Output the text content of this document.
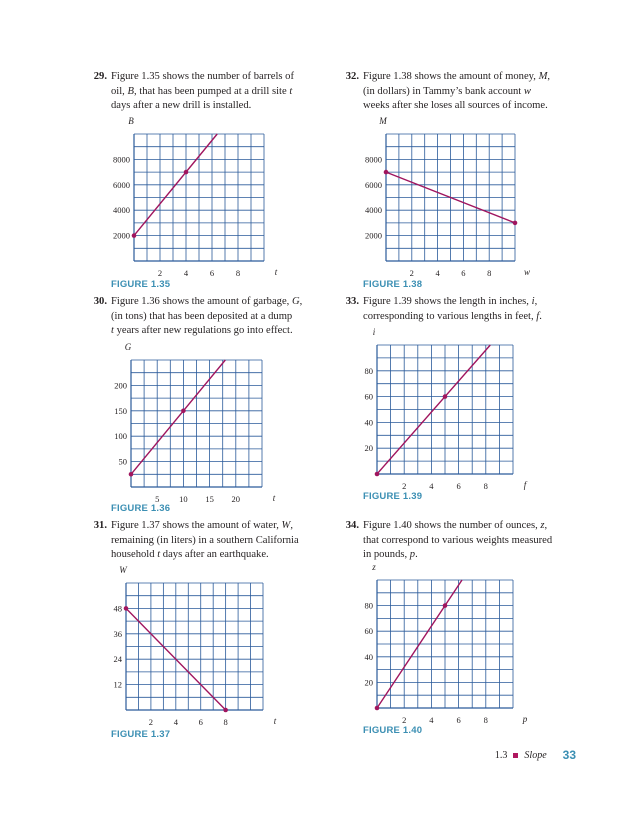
29. Figure 1.35 shows the number of barrels of
oil, B, that has been pumped at a drill site t
days after a new drill is installed.
30. Figure 1.36 shows the amount of garbage, G,
(in tons) that has been deposited at a dump
t years after new regulations go into effect.
31. Figure 1.37 shows the amount of water, W,
remaining (in liters) in a southern California
household t days after an earthquake.
32. Figure 1.38 shows the amount of money, M,
(in dollars) in Tammy’s bank account w
weeks after she loses all sources of income.
33. Figure 1.39 shows the length in inches, i,
corresponding to various lengths in feet, f.
34. Figure 1.40 shows the number of ounces, z,
that correspond to various weights measured
in pounds, p.
B
t
2000
4000
6000
8000
2	4	6	8
G
t
50
100
150
200
5 10 15 20
W
t
12
24
36
48
2 4 6 8
M
w
2000
4000
6000
8000
2	4	6	8
i
f
20
40
60
80
2	4	6	8
z
p
20
40
60
80
2	4	6	8
FIGURE 1.35
FIGURE 1.36
FIGURE 1.37
FIGURE 1.38
FIGURE 1.39
FIGURE 1.40
1.3 Slope 33
